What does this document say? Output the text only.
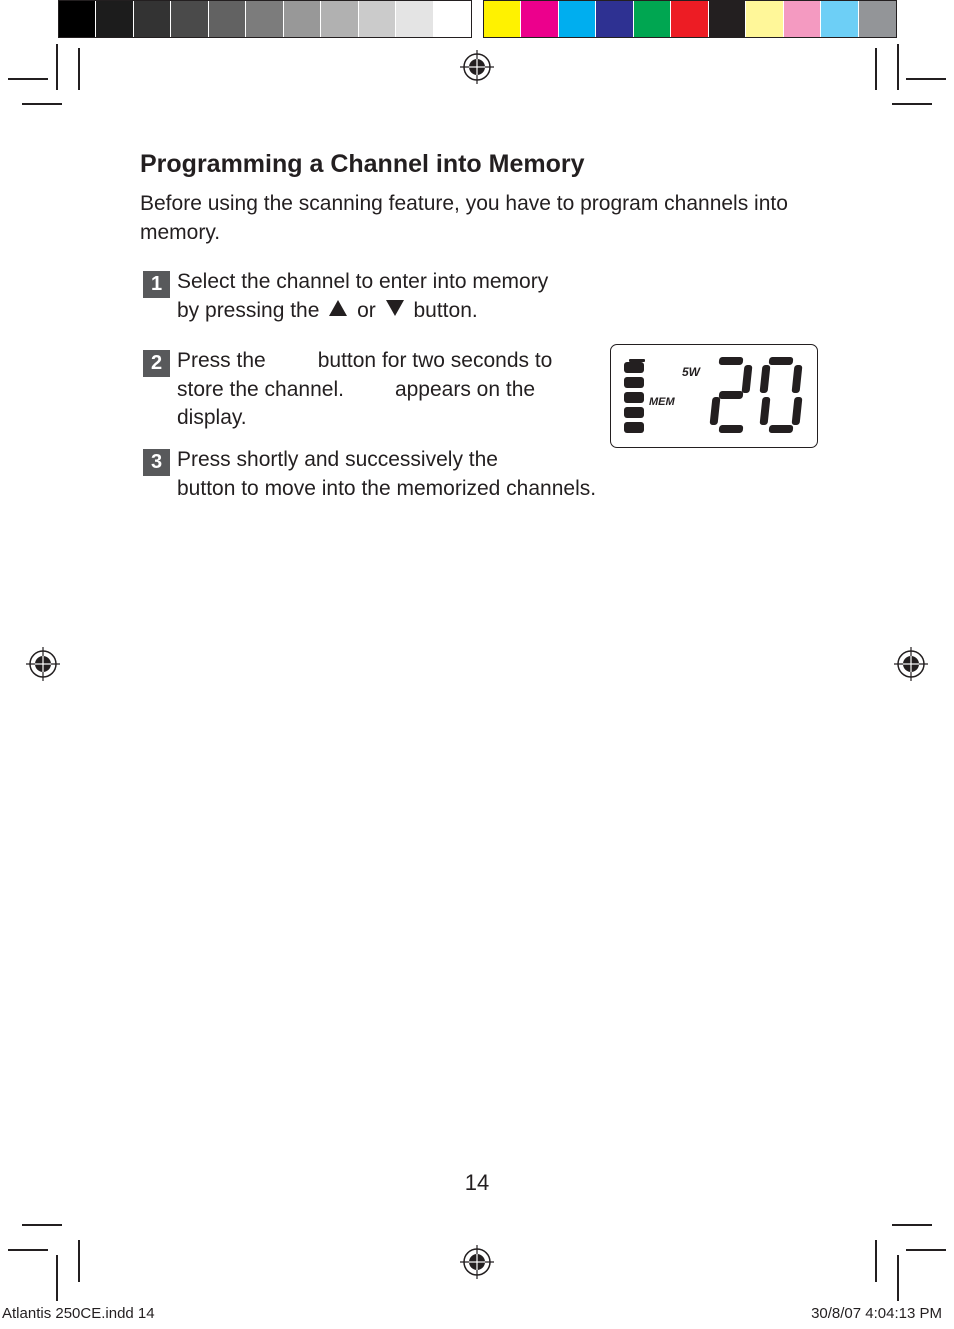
Programming a Channel into Memory
Before using the scanning feature, you have to program channels into memory.
1 Select the channel to enter into memory
by pressing the or button.
2 Press the button for two seconds to
store the channel. appears on the
display.
3 Press shortly and successively the
button to move into the memorized channels.
5W
MEM
20
14
Atlantis 250CE.indd 14	30/8/07 4:04:13 PM
